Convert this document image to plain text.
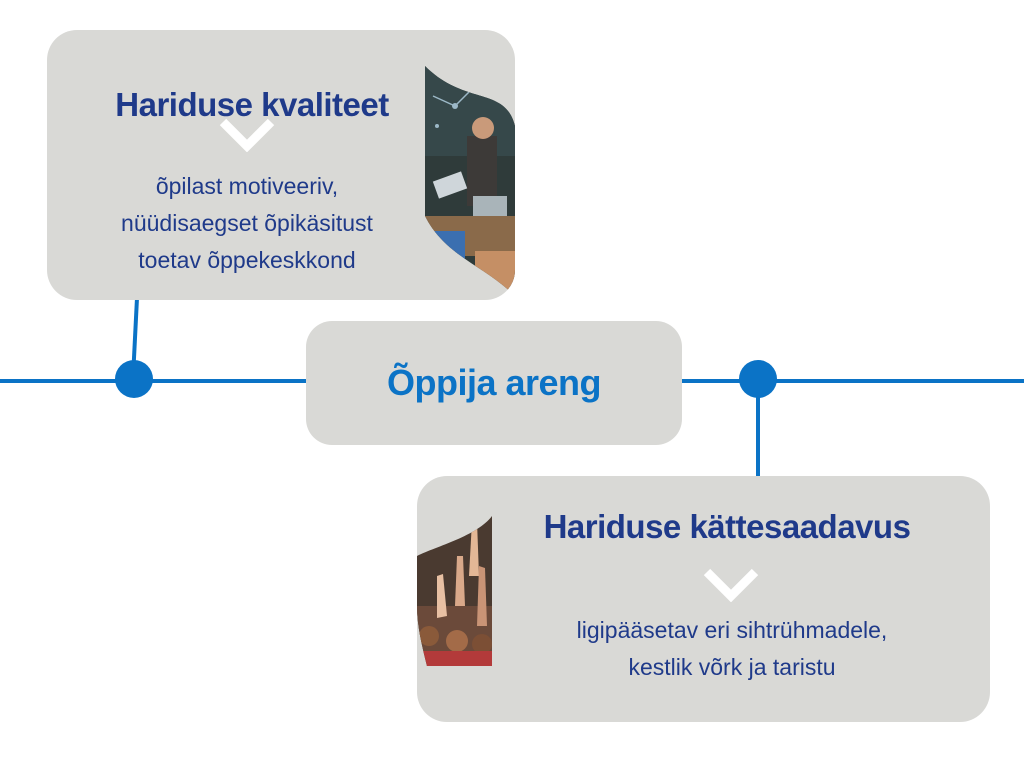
Hariduse kvaliteet
õpilast motiveeriv,
nüüdisaegset õpikäsitust
toetav õppekeskkond
Õppija areng
Hariduse kättesaadavus
ligipääsetav eri sihtrühmadele,
kestlik võrk ja taristu
